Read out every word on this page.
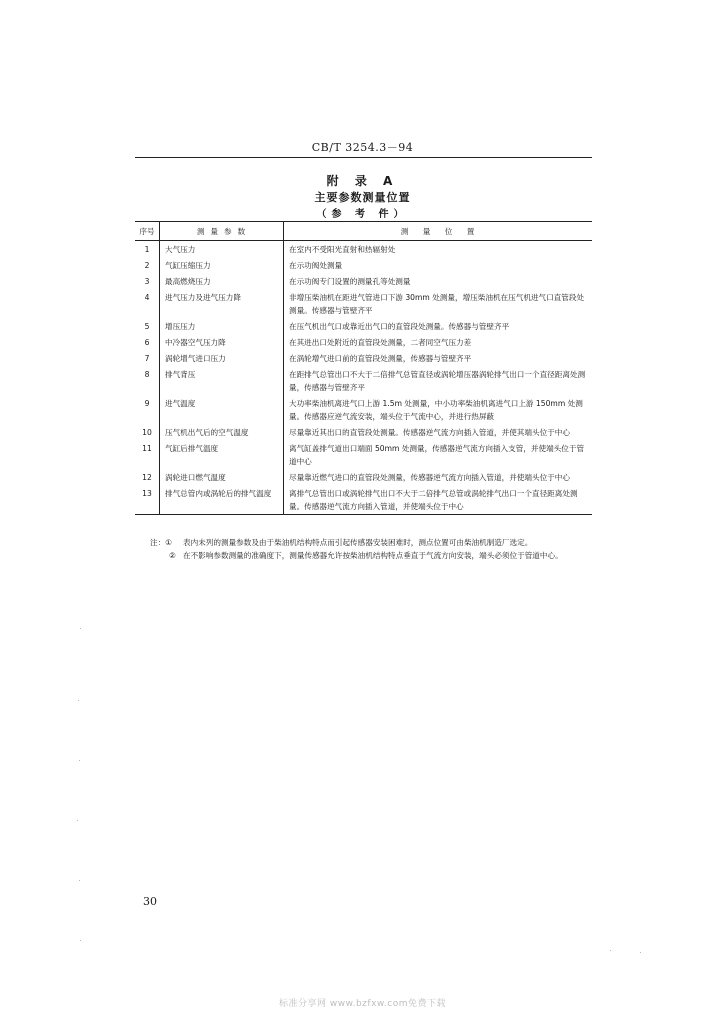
CB/T 3254.3－94
附 录 A
主要参数测量位置
（参 考 件）
序号	测量参数	测 量 位 置
1	大气压力	在室内不受阳光直射和热辐射处
2	气缸压缩压力	在示功阀处测量
3	最高燃烧压力	在示功阀专门设置的测量孔等处测量
4	进气压力及进气压力降	非增压柴油机在距进气管进口下游 30mm 处测量，增压柴油机在压气机进气口直管段处测量。传感器与管壁齐平
5	增压压力	在压气机出气口或靠近出气口的直管段处测量。传感器与管壁齐平
6	中冷器空气压力降	在其进出口处附近的直管段处测量，二者同空气压力差
7	涡轮增气进口压力	在涡轮增气进口前的直管段处测量，传感器与管壁齐平
8	排气背压	在距排气总管出口不大于二倍排气总管直径或涡轮增压器涡轮排气出口一个直径距离处测量，传感器与管壁齐平
9	进气温度	大功率柴油机离进气口上游 1.5m 处测量，中小功率柴油机离进气口上游 150mm 处测量。传感器应逆气流安装，端头位于气流中心，并进行热屏蔽
10	压气机出气后的空气温度	尽量靠近其出口的直管段处测量。传感器逆气流方向插入管道，并使其端头位于中心
11	气缸后排气温度	离气缸盖排气道出口端面 50mm 处测量，传感器逆气流方向插入支管，并使端头位于管道中心
12	涡轮进口燃气温度	尽量靠近燃气进口的直管段处测量，传感器逆气流方向插入管道，并使端头位于中心
13	排气总管内或涡轮后的排气温度	离排气总管出口或涡轮排气出口不大于二倍排气总管或涡轮排气出口一个直径距离处测量。传感器逆气流方向插入管道，并使端头位于中心
注：①	表内未列的测量参数及由于柴油机结构特点而引起传感器安装困难时，测点位置可由柴油机制造厂选定。
② 在不影响参数测量的准确度下，测量传感器允许按柴油机结构特点垂直于气流方向安装，端头必须位于管道中心。
30
标准分享网 www.bzfxw.com免费下载
